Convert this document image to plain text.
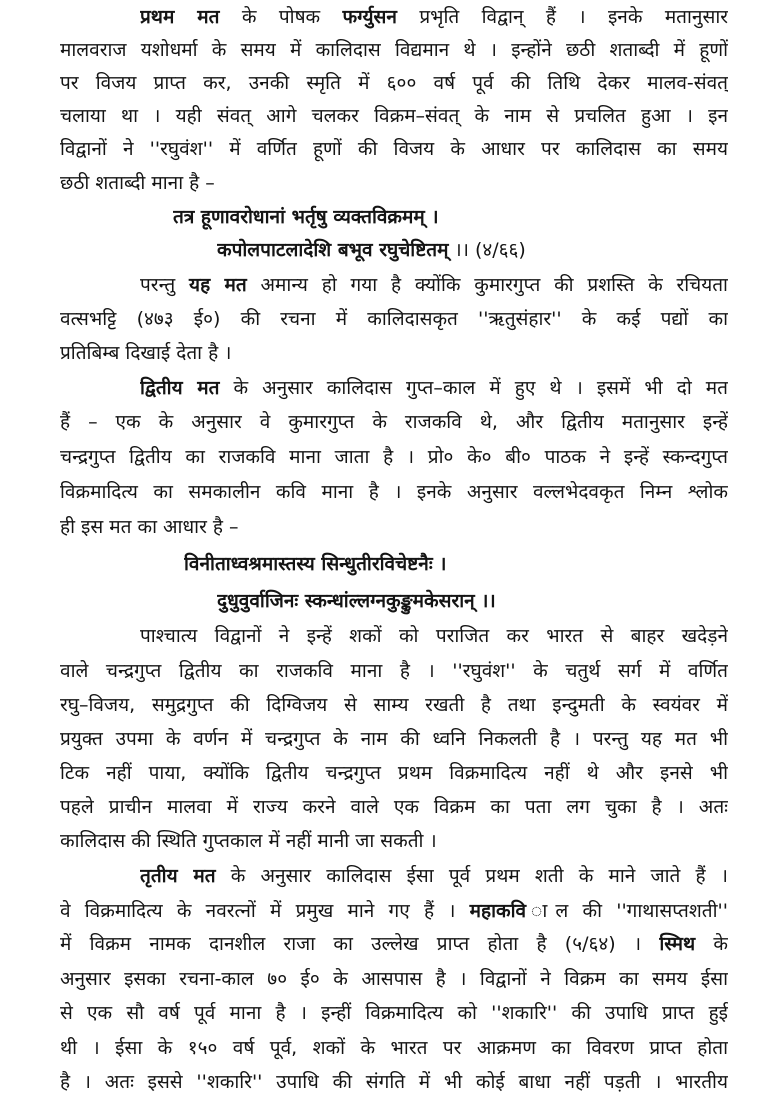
प्रथम मत के पोषक फर्ग्युसन प्रभृति विद्वान् हैं । इनके मतानुसार
मालवराज यशोधर्मा के समय में कालिदास विद्यमान थे । इन्होंने छठी शताब्दी में हूणों
पर विजय प्राप्त कर, उनकी स्मृति में ६०० वर्ष पूर्व की तिथि देकर मालव-संवत्
चलाया था । यही संवत् आगे चलकर विक्रम–संवत् के नाम से प्रचलित हुआ । इन
विद्वानों ने ''रघुवंश'' में वर्णित हूणों की विजय के आधार पर कालिदास का समय
छठी शताब्दी माना है –
तत्र हूणावरोधानां भर्तृषु व्यक्तविक्रमम् ।
कपोलपाटलादेशि बभूव रघुचेष्टितम् ।। (४/६६)
परन्तु यह मत अमान्य हो गया है क्योंकि कुमारगुप्त की प्रशस्ति के रचियता
वत्सभट्टि (४७३ ई०) की रचना में कालिदासकृत ''ऋतुसंहार'' के कई पद्यों का
प्रतिबिम्ब दिखाई देता है ।
द्वितीय मत के अनुसार कालिदास गुप्त–काल में हुए थे । इसमें भी दो मत
हैं – एक के अनुसार वे कुमारगुप्त के राजकवि थे, और द्वितीय मतानुसार इन्हें
चन्द्रगुप्त द्वितीय का राजकवि माना जाता है । प्रो० के० बी० पाठक ने इन्हें स्कन्दगुप्त
विक्रमादित्य का समकालीन कवि माना है । इनके अनुसार वल्लभेदवकृत निम्न श्लोक
ही इस मत का आधार है –
विनीताध्वश्रमास्तस्य सिन्धुतीरविचेष्टनैः ।
दुधुवुर्वाजिनः स्कन्धांल्लग्नकुङ्कुमकेसरान् ।।
पाश्चात्य विद्वानों ने इन्हें शकों को पराजित कर भारत से बाहर खदेड़ने
वाले चन्द्रगुप्त द्वितीय का राजकवि माना है । ''रघुवंश'' के चतुर्थ सर्ग में वर्णित
रघु–विजय, समुद्रगुप्त की दिग्विजय से साम्य रखती है तथा इन्दुमती के स्वयंवर में
प्रयुक्त उपमा के वर्णन में चन्द्रगुप्त के नाम की ध्वनि निकलती है । परन्तु यह मत भी
टिक नहीं पाया, क्योंकि द्वितीय चन्द्रगुप्त प्रथम विक्रमादित्य नहीं थे और इनसे भी
पहले प्राचीन मालवा में राज्य करने वाले एक विक्रम का पता लग चुका है । अतः
कालिदास की स्थिति गुप्तकाल में नहीं मानी जा सकती ।
तृतीय मत के अनुसार कालिदास ईसा पूर्व प्रथम शती के माने जाते हैं ।
वे विक्रमादित्य के नवरत्नों में प्रमुख माने गए हैं । महाकवि ाल की ''गाथासप्तशती''
में विक्रम नामक दानशील राजा का उल्लेख प्राप्त होता है (५/६४) । स्मिथ के
अनुसार इसका रचना-काल ७० ई० के आसपास है । विद्वानों ने विक्रम का समय ईसा
से एक सौ वर्ष पूर्व माना है । इन्हीं विक्रमादित्य को ''शकारि'' की उपाधि प्राप्त हुई
थी । ईसा के १५० वर्ष पूर्व, शकों के भारत पर आक्रमण का विवरण प्राप्त होता
है । अतः इससे ''शकारि'' उपाधि की संगति में भी कोई बाधा नहीं पड़ती । भारतीय
